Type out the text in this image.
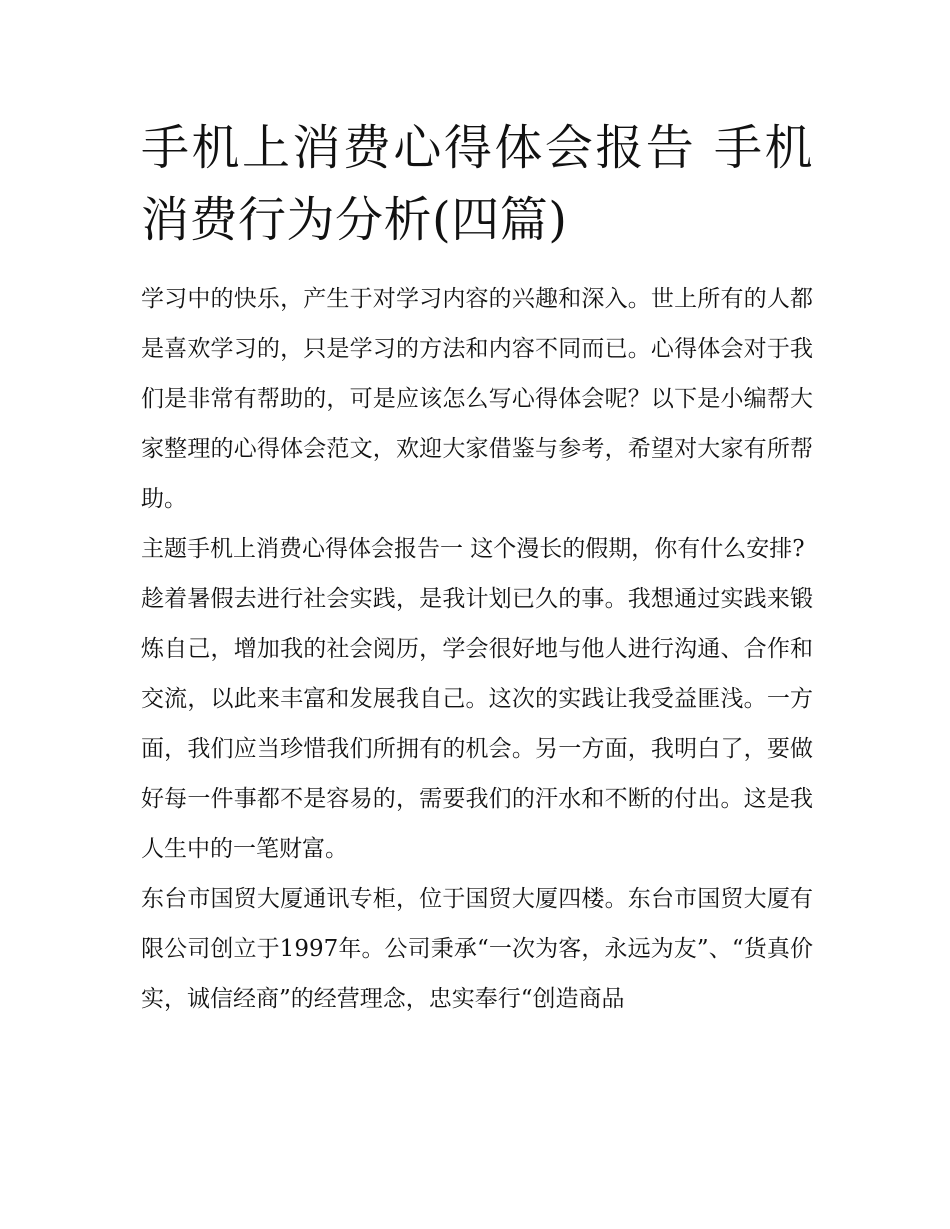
手机上消费心得体会报告 手机消费行为分析(四篇)

学习中的快乐，产生于对学习内容的兴趣和深入。世上所有的人都是喜欢学习的，只是学习的方法和内容不同而已。心得体会对于我们是非常有帮助的，可是应该怎么写心得体会呢？以下是小编帮大家整理的心得体会范文，欢迎大家借鉴与参考，希望对大家有所帮助。

主题手机上消费心得体会报告一 这个漫长的假期，你有什么安排?

趁着暑假去进行社会实践，是我计划已久的事。我想通过实践来锻炼自己，增加我的社会阅历，学会很好地与他人进行沟通、合作和交流，以此来丰富和发展我自己。这次的实践让我受益匪浅。一方面，我们应当珍惜我们所拥有的机会。另一方面，我明白了，要做好每一件事都不是容易的，需要我们的汗水和不断的付出。这是我人生中的一笔财富。

东台市国贸大厦通讯专柜，位于国贸大厦四楼。东台市国贸大厦有限公司创立于1997年。公司秉承“一次为客，永远为友”、“货真价实，诚信经商”的经营理念，忠实奉行“创造商品
